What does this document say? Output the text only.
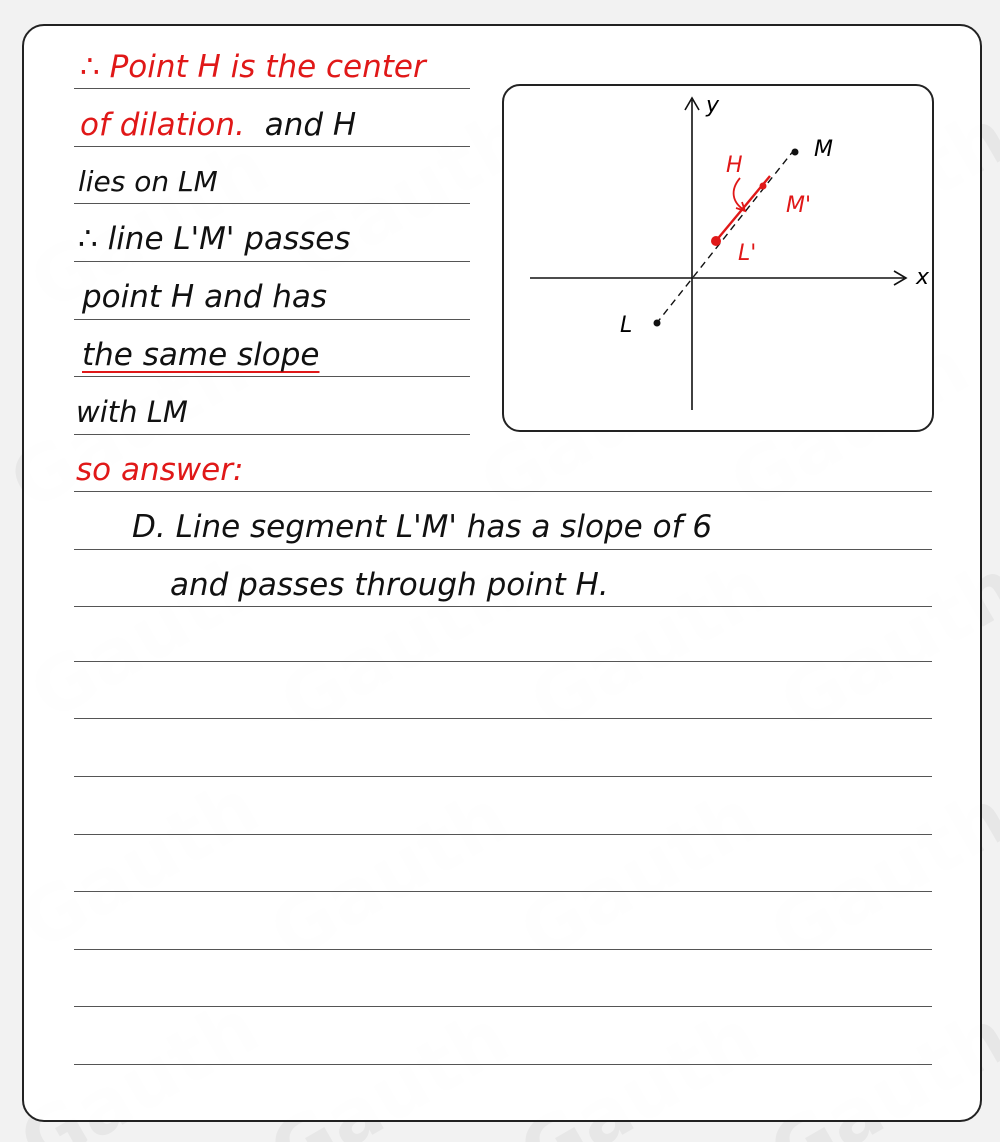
∴ Point H is the center
of dilation. and H
lies on LM
∴ line L'M' passes
point H and has
the same slope
with LM
so answer:
D. Line segment L'M' has a slope of 6
and passes through point H.
x
y
M
H
M'
L'
L
